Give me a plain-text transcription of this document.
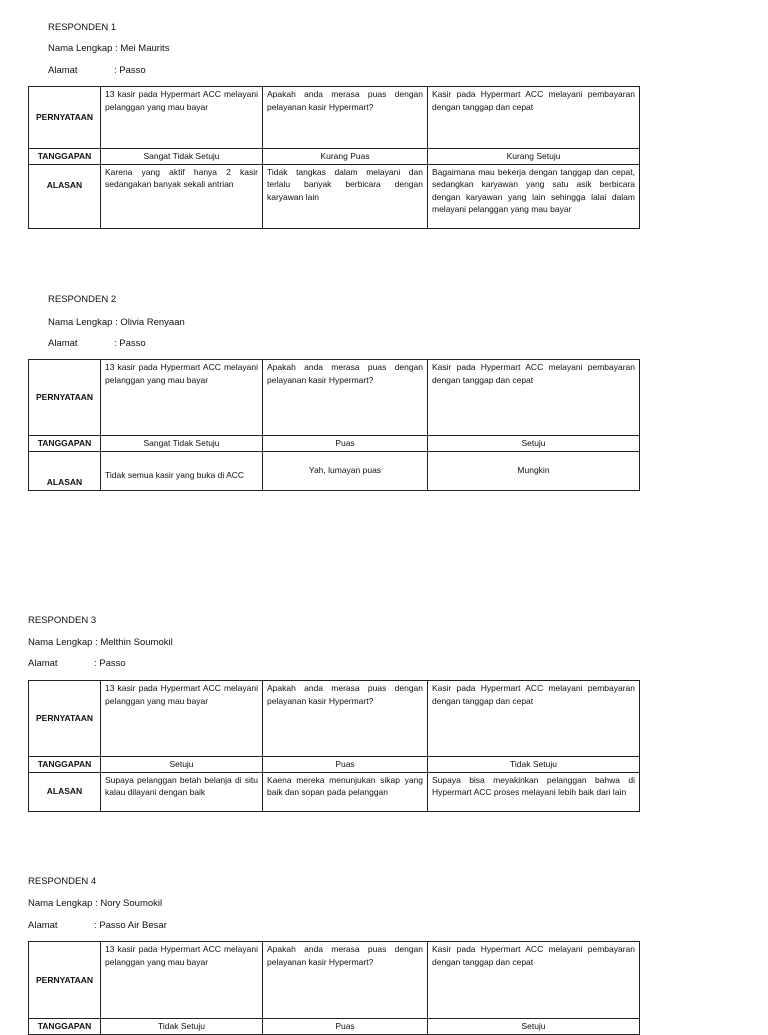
RESPONDEN 1
Nama Lengkap : Mei Maurits
Alamat	: Passo
PERNYATAAN	13 kasir pada Hypermart ACC melayani pelanggan yang mau bayar	Apakah anda merasa puas dengan pelayanan kasir Hypermart?	Kasir pada Hypermart ACC melayani pembayaran dengan tanggap dan cepat
TANGGAPAN	Sangat Tidak Setuju	Kurang Puas	Kurang Setuju
ALASAN	Karena yang aktif hanya 2 kasir sedangakan banyak sekali antrian	Tidak tangkas dalam melayani dan terlalu banyak berbicara dengan karyawan lain	Bagaimana mau bekerja dengan tanggap dan cepat, sedangkan karyawan yang satu asik berbicara dengan karyawan yang lain sehingga lalai dalam melayani pelanggan yang mau bayar
RESPONDEN 2
Nama Lengkap : Olivia Renyaan
Alamat	: Passo
PERNYATAAN	13 kasir pada Hypermart ACC melayani pelanggan yang mau bayar	Apakah anda merasa puas dengan pelayanan kasir Hypermart?	Kasir pada Hypermart ACC melayani pembayaran dengan tanggap dan cepat
TANGGAPAN	Sangat Tidak Setuju	Puas	Setuju
ALASAN	Tidak semua kasir yang buka di ACC	Yah, lumayan puas	Mungkin
RESPONDEN 3
Nama Lengkap : Melthin Soumokil
Alamat	: Passo
PERNYATAAN	13 kasir pada Hypermart ACC melayani pelanggan yang mau bayar	Apakah anda merasa puas dengan pelayanan kasir Hypermart?	Kasir pada Hypermart ACC melayani pembayaran dengan tanggap dan cepat
TANGGAPAN	Setuju	Puas	Tidak Setuju
ALASAN	Supaya pelanggan betah belanja di situ kalau dilayani dengan baik	Kaena mereka menunjukan sikap yang baik dan sopan pada pelanggan	Supaya bisa meyakinkan pelanggan bahwa di Hypermart ACC proses melayani lebih baik dari lain
RESPONDEN 4
Nama Lengkap : Nory Soumokil
Alamat	: Passo Air Besar
PERNYATAAN	13 kasir pada Hypermart ACC melayani pelanggan yang mau bayar	Apakah anda merasa puas dengan pelayanan kasir Hypermart?	Kasir pada Hypermart ACC melayani pembayaran dengan tanggap dan cepat
TANGGAPAN	Tidak Setuju	Puas	Setuju
